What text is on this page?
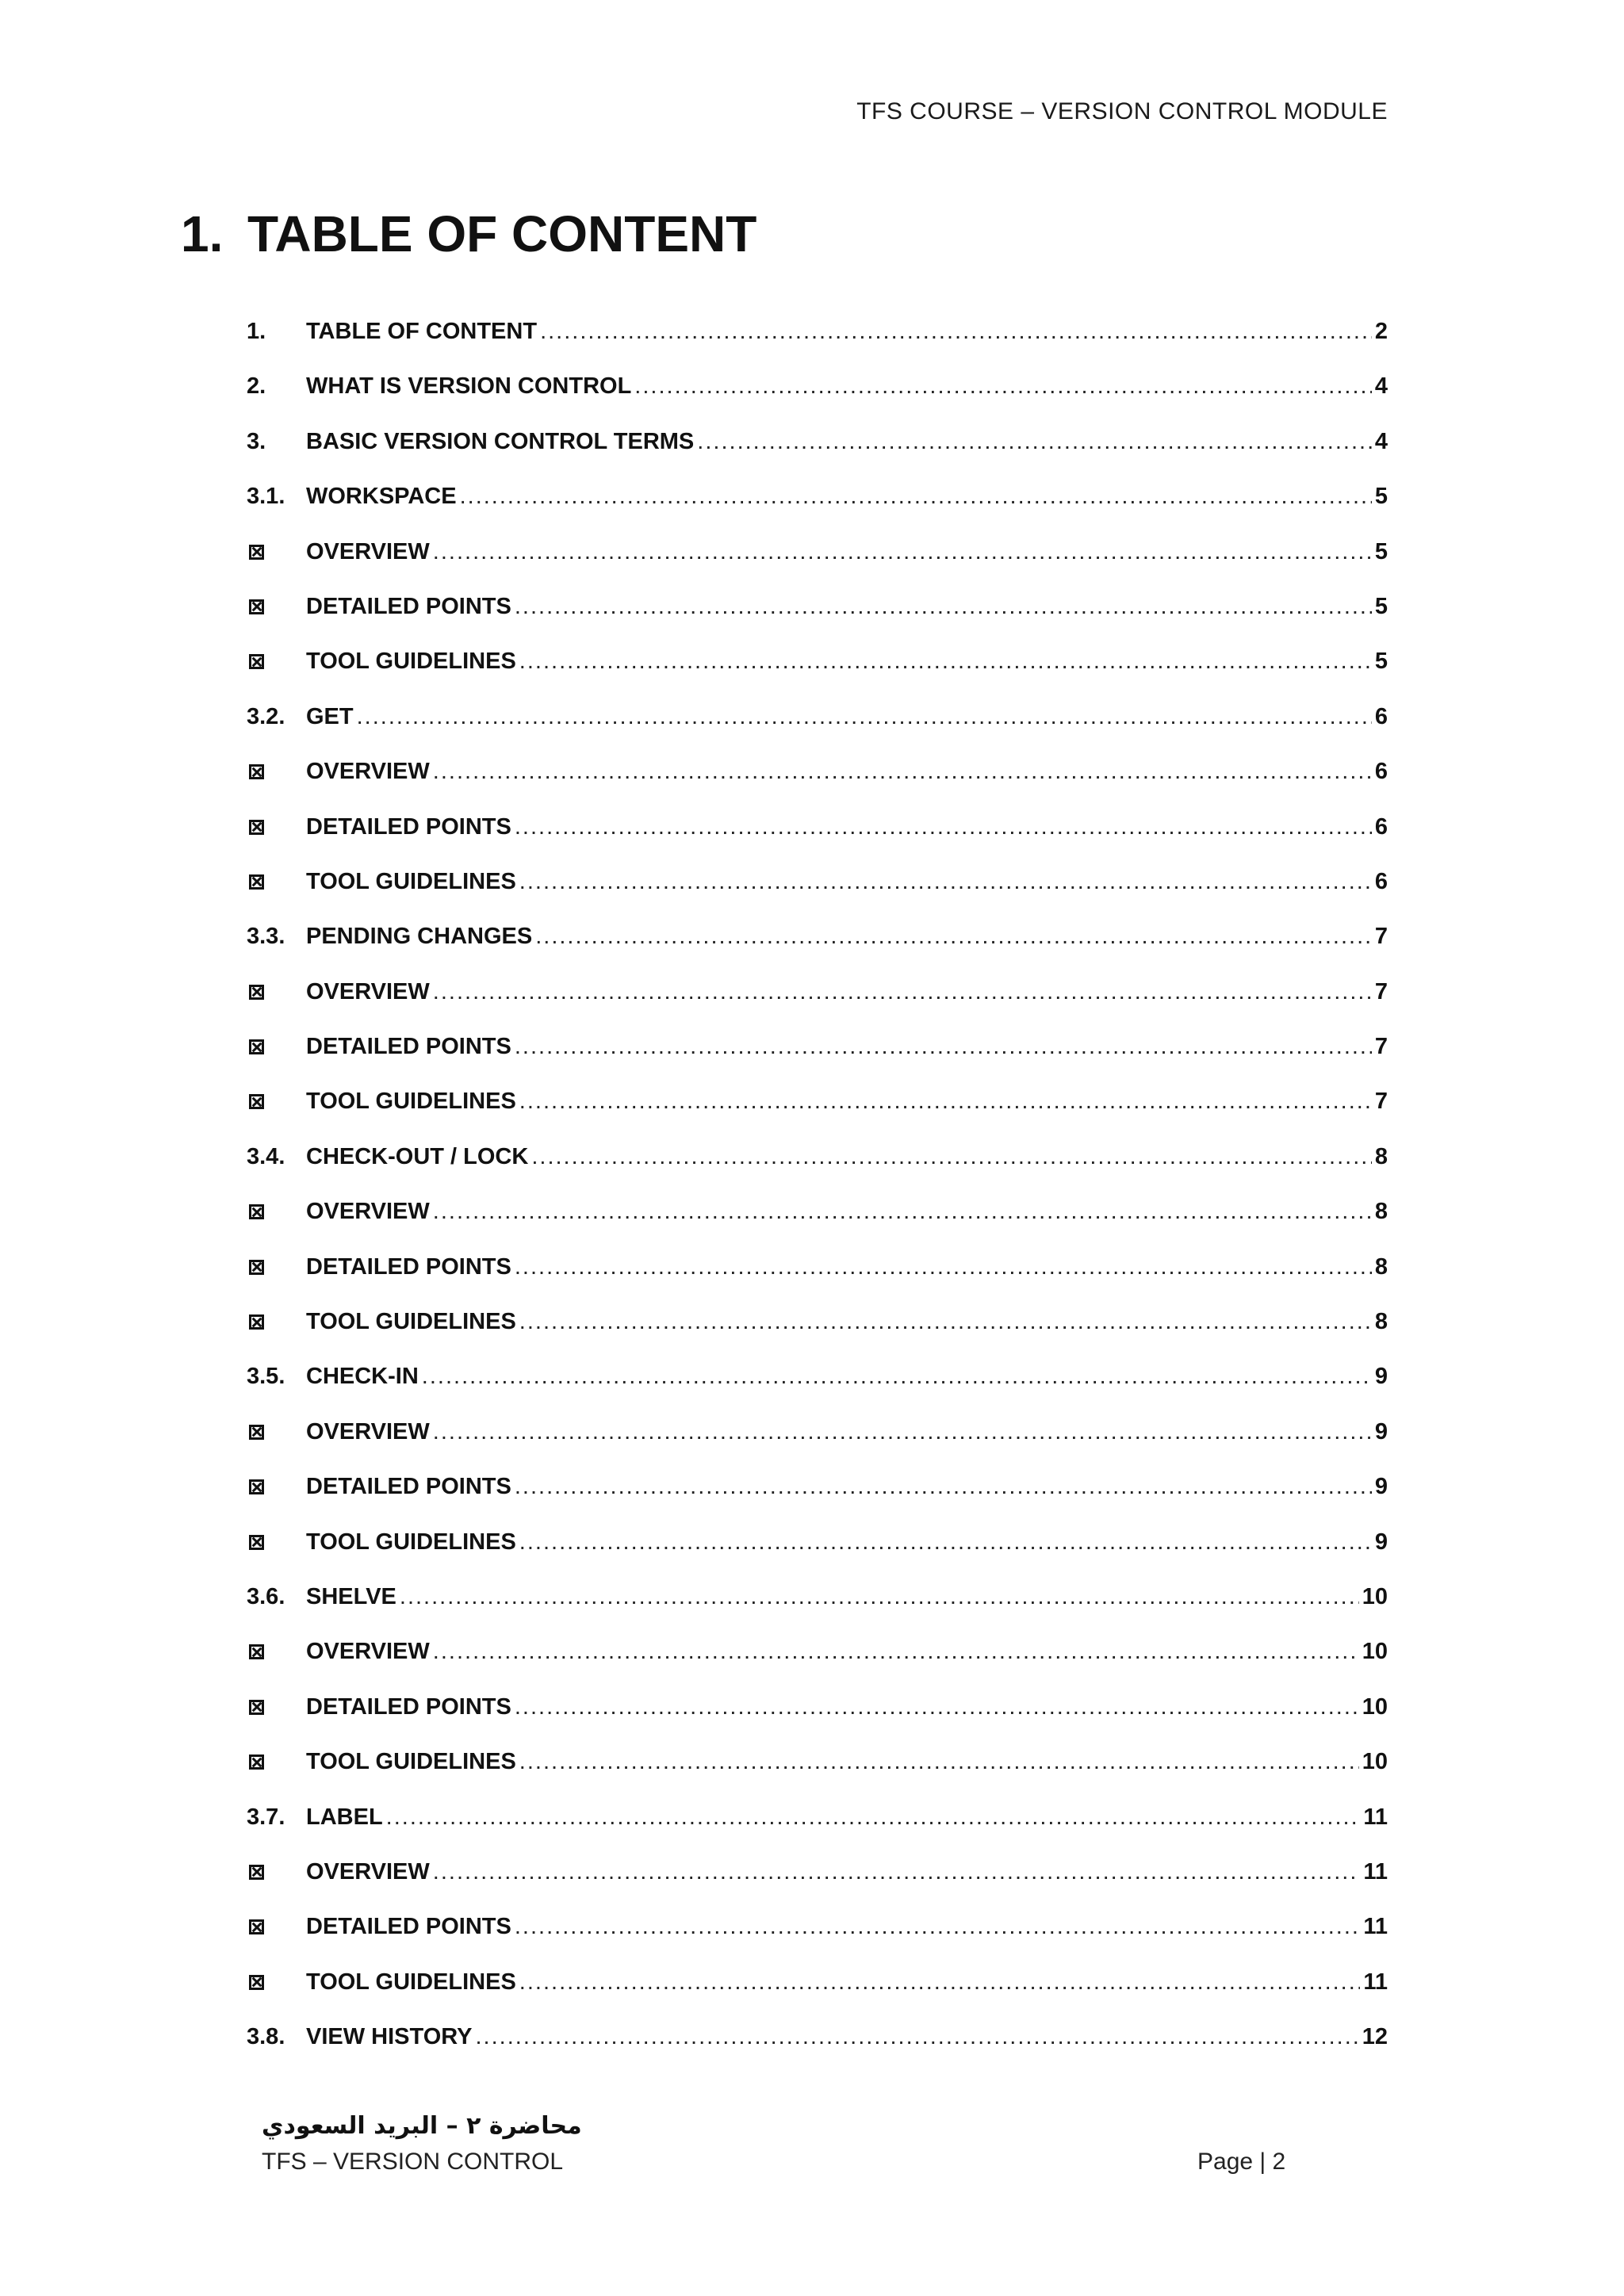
TFS COURSE – VERSION CONTROL MODULE
1. TABLE OF CONTENT
1.	TABLE OF CONTENT .....	2
2.	WHAT IS VERSION CONTROL .....	4
3.	BASIC VERSION CONTROL TERMS .....	4
3.1. WORKSPACE .....	5
OVERVIEW .....	5
DETAILED POINTS .....	5
TOOL GUIDELINES .....	5
3.2. GET .....	6
OVERVIEW .....	6
DETAILED POINTS .....	6
TOOL GUIDELINES .....	6
3.3. PENDING CHANGES .....	7
OVERVIEW .....	7
DETAILED POINTS .....	7
TOOL GUIDELINES .....	7
3.4. CHECK-OUT / LOCK .....	8
OVERVIEW .....	8
DETAILED POINTS .....	8
TOOL GUIDELINES .....	8
3.5. CHECK-IN .....	9
OVERVIEW .....	9
DETAILED POINTS .....	9
TOOL GUIDELINES .....	9
3.6. SHELVE .....	10
OVERVIEW .....	10
DETAILED POINTS .....	10
TOOL GUIDELINES .....	10
3.7. LABEL .....	11
OVERVIEW .....	11
DETAILED POINTS .....	11
TOOL GUIDELINES .....	11
3.8. VIEW HISTORY .....	12
محاضرة ٢ – البريد السعودي
TFS – VERSION CONTROL	Page | 2
